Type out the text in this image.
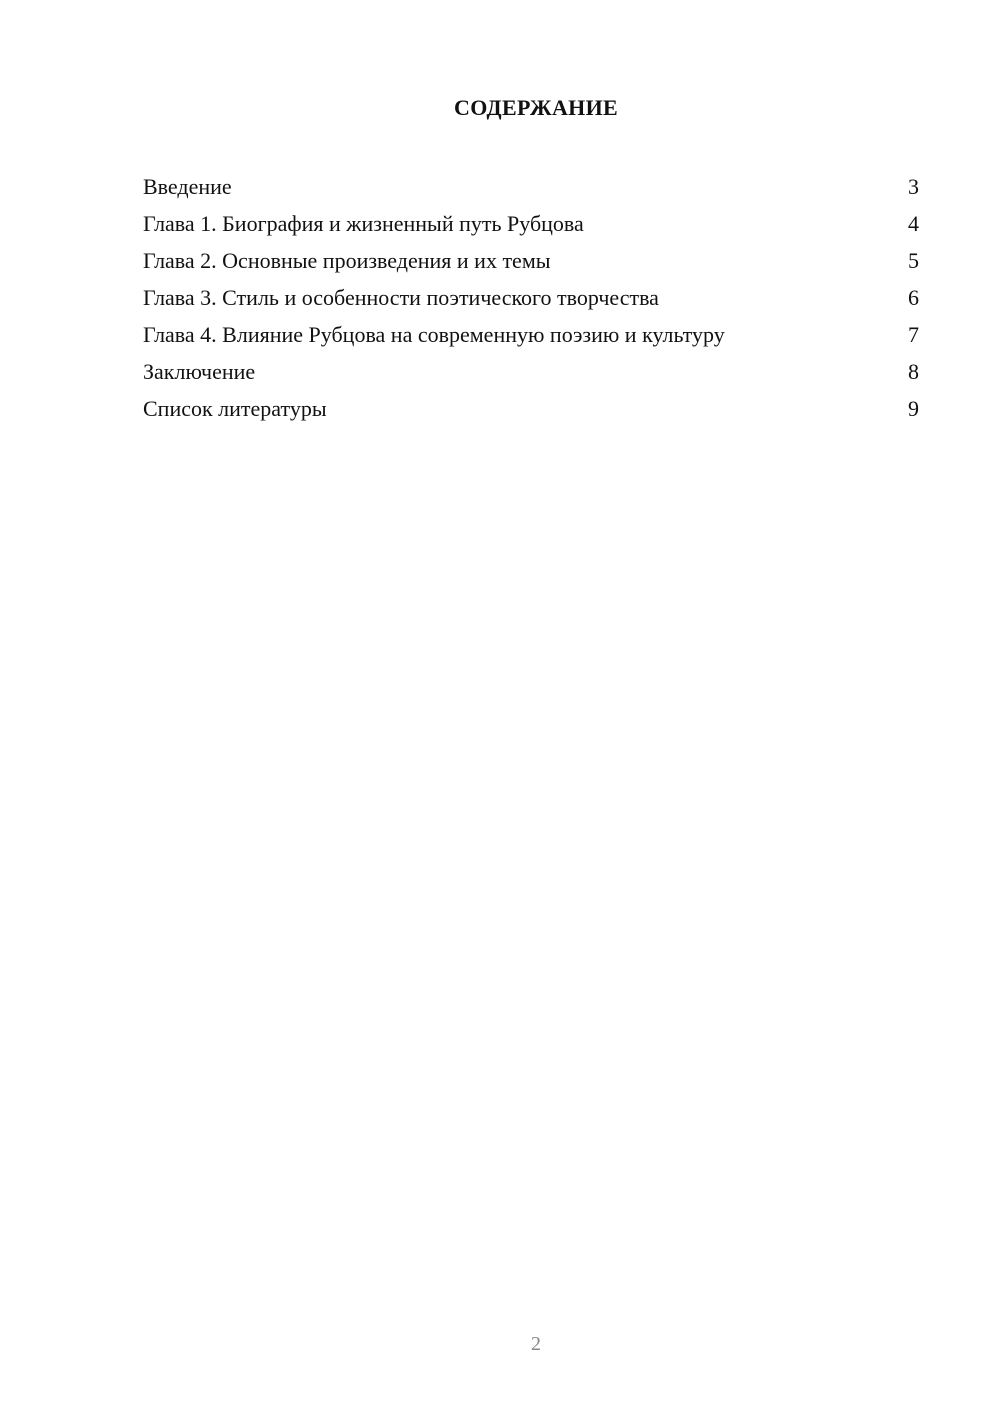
СОДЕРЖАНИЕ
Введение	3
Глава 1. Биография и жизненный путь Рубцова	4
Глава 2. Основные произведения и их темы	5
Глава 3. Стиль и особенности поэтического творчества	6
Глава 4. Влияние Рубцова на современную поэзию и культуру	7
Заключение	8
Список литературы	9
2
